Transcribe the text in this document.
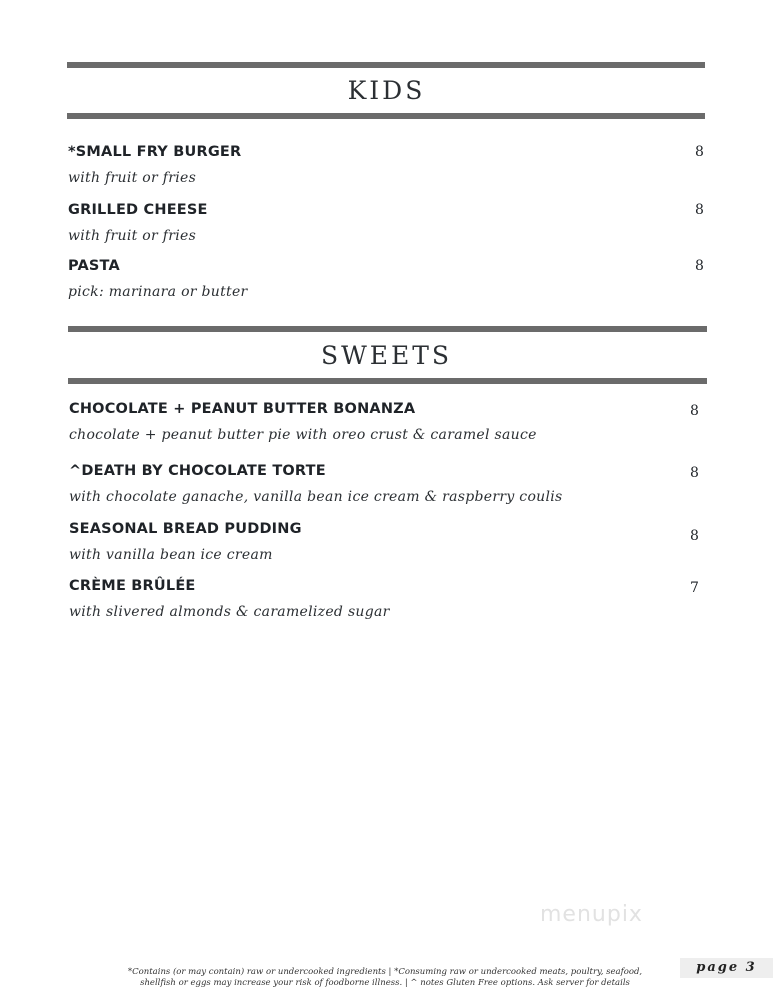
KIDS
*SMALL FRY BURGER
with fruit or fries
8
GRILLED CHEESE
with fruit or fries
8
PASTA
pick: marinara or butter
8
SWEETS
CHOCOLATE + PEANUT BUTTER BONANZA
chocolate + peanut butter pie with oreo crust & caramel sauce
8
^DEATH BY CHOCOLATE TORTE
with chocolate ganache, vanilla bean ice cream & raspberry coulis
8
SEASONAL BREAD PUDDING
with vanilla bean ice cream
8
CRÈME BRÛLÉE
with slivered almonds & caramelized sugar
7
menupix
*Contains (or may contain) raw or undercooked ingredients | *Consuming raw or undercooked meats, poultry, seafood,
shellfish or eggs may increase your risk of foodborne illness. | ^ notes Gluten Free options. Ask server for details
page 3
